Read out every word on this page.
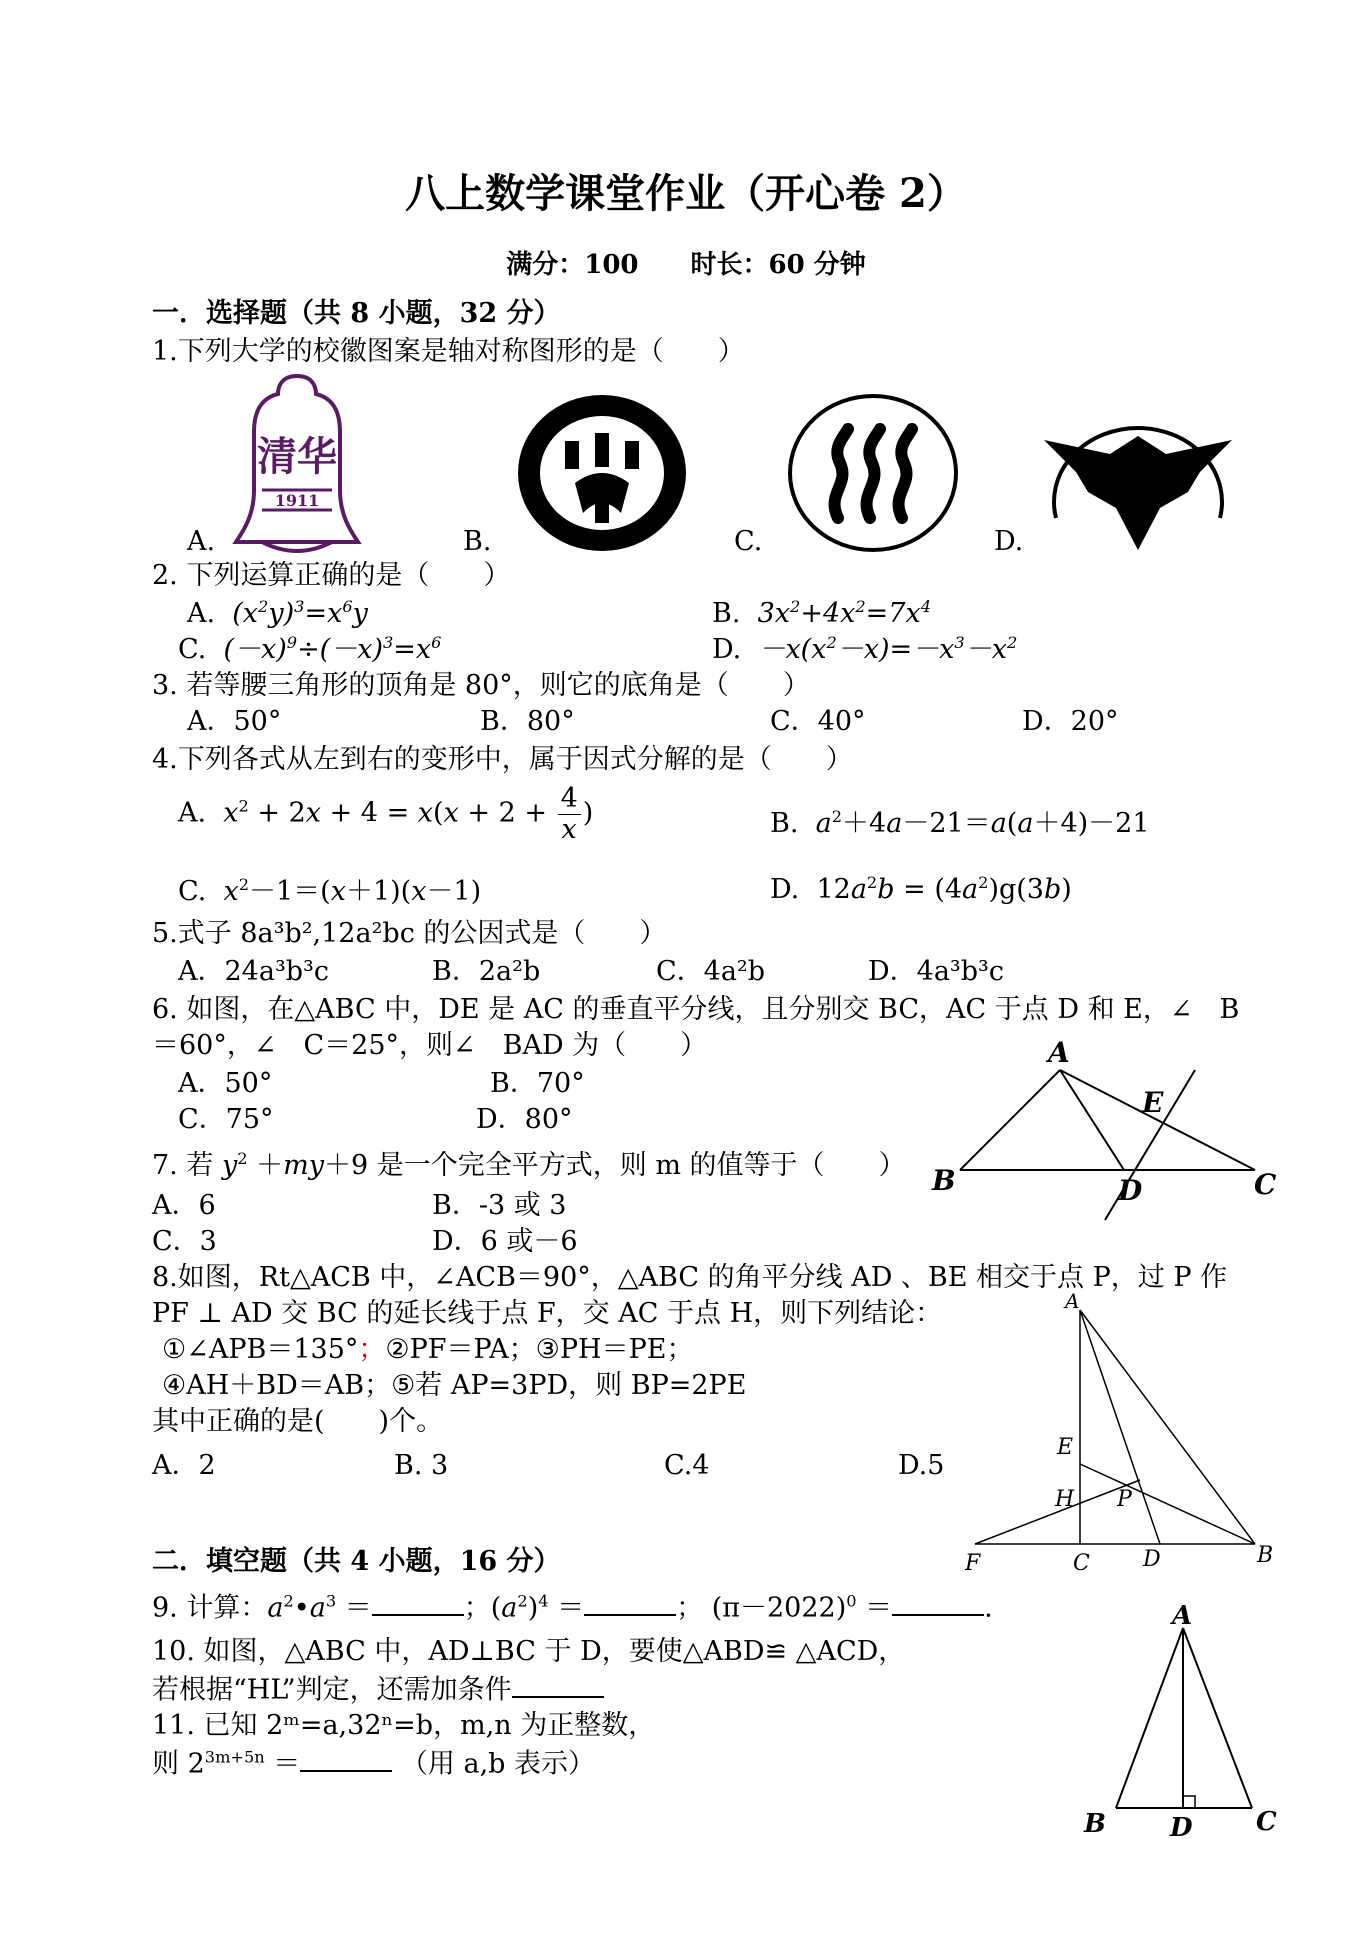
八上数学课堂作业（开心卷 2）
满分：100　　时长：60 分钟
一．选择题（共 8 小题，32 分）
1.下列大学的校徽图案是轴对称图形的是（　　）
清华
1911
A.	B.	C.	D.
2. 下列运算正确的是（　　）
A. $(x^2y)^3=x^6y$	B. $3x^2+4x^2=7x^4$
C. $(-x)^9\div(-x)^3=x^6$	D. $-x(x^2-x)=-x^3-x^2$
3. 若等腰三角形的顶角是 80°，则它的底角是（　　）
A．50°	B．80°	C．40°	D．20°
4.下列各式从左到右的变形中，属于因式分解的是（　　）
A. $x^2 + 2x + 4 = x(x + 2 + \frac{4}{x}$ )	B. $a^2+4a-21=a(a+4)-21$
C. $x^2-1=(x+1)(x-1)$	D.  $12a^2b = (4a^2)g(3b)$
5.式子 8a³b²,12a²bc 的公因式是（　　）
A．24a³b³c	B．2a²b	C．4a²b	D．4a³b³c
6. 如图，在△ABC 中，DE 是 AC 的垂直平分线，且分别交 BC，AC 于点 D 和 E，∠　B
＝60°，∠　C＝25°，则∠　BAD 为（　　）
A．50°	B．70°
C．75°	D．80°
A
E
B	D	C
7. 若 $y^2 +my+9$ 是一个完全平方式，则 m 的值等于（　　）
A．6	B．-3 或 3
C．3	D．6 或－6
8.如图，Rt△ACB 中，∠ACB＝90°，△ABC 的角平分线 AD 、BE 相交于点 P，过 P 作
PF ⊥ AD 交 BC 的延长线于点 F，交 AC 于点 H，则下列结论：
①∠APB＝135°；②PF＝PA；③PH＝PE；
④AH＋BD＝AB；⑤若 AP=3PD，则 BP=2PE
其中正确的是(　　)个。
A．2	B. 3	C.4	D.5
A
E
H P
F	C D	B
二．填空题（共 4 小题，16 分）
9. 计算：$a^2•a^3$ ＝	；$(a^2)^4$ ＝	； $(\pi-2022)^0$ ＝	.
10. 如图，△ABC 中，AD⊥BC 于 D，要使△ABD≌ △ACD，
若根据“HL”判定，还需加条件
A
B D C
11. 已知 2ᵐ=a,32ⁿ=b，m,n 为正整数，
则 $2^{3m+5n}$ ＝	（用 a,b 表示）
